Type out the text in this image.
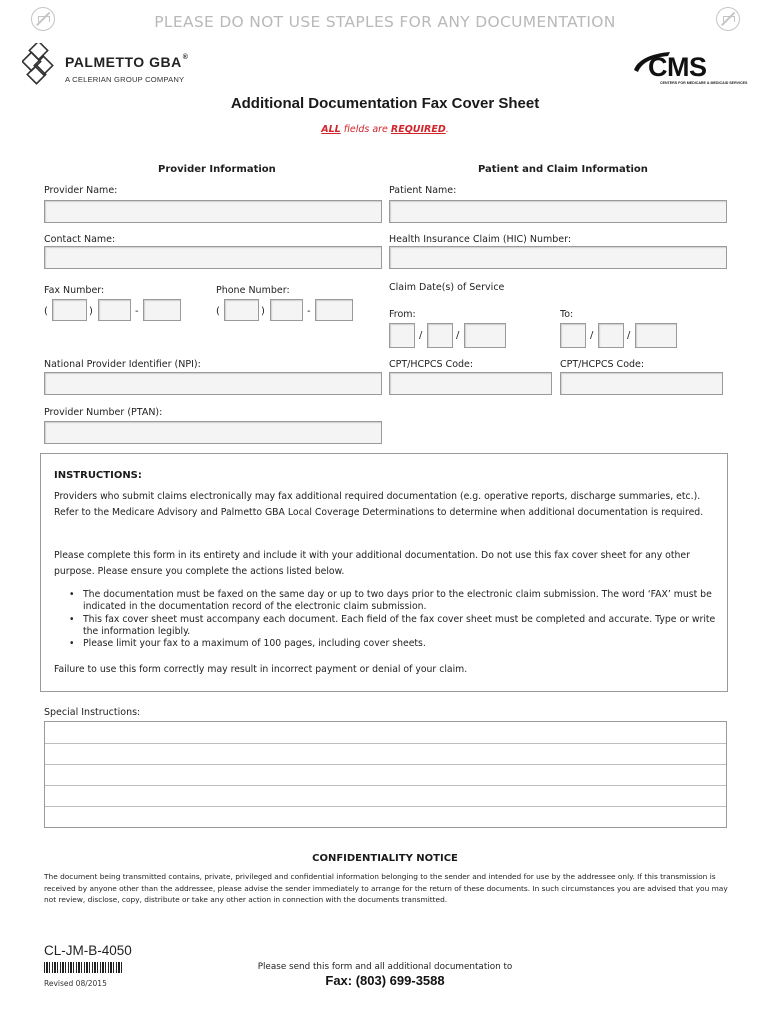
PLEASE DO NOT USE STAPLES FOR ANY DOCUMENTATION
PALMETTO GBA®
A CELERIAN GROUP COMPANY	CMS
CENTERS FOR MEDICARE & MEDICAID SERVICES
Additional Documentation Fax Cover Sheet
ALL fields are REQUIRED.
Provider Information	Patient and Claim Information
Provider Name:
Contact Name:
Fax Number:	Phone Number:
(	)	-	(	)	-
National Provider Identifier (NPI):
Provider Number (PTAN):
Patient Name:
Health Insurance Claim (HIC) Number:
Claim Date(s) of Service
From:	To:
/	/	/	/
CPT/HCPCS Code:	CPT/HCPCS Code:
INSTRUCTIONS:
Providers who submit claims electronically may fax additional required documentation (e.g. operative reports, discharge summaries, etc.). Refer to the Medicare Advisory and Palmetto GBA Local Coverage Determinations to determine when additional documentation is required.
Please complete this form in its entirety and include it with your additional documentation. Do not use this fax cover sheet for any other purpose. Please ensure you complete the actions listed below.
• The documentation must be faxed on the same day or up to two days prior to the electronic claim submission. The word ‘FAX’ must be indicated in the documentation record of the electronic claim submission.
• This fax cover sheet must accompany each document. Each field of the fax cover sheet must be completed and accurate. Type or write the information legibly.
• Please limit your fax to a maximum of 100 pages, including cover sheets.
Failure to use this form correctly may result in incorrect payment or denial of your claim.
Special Instructions:
CONFIDENTIALITY NOTICE
The document being transmitted contains, private, privileged and confidential information belonging to the sender and intended for use by the addressee only. If this transmission is received by anyone other than the addressee, please advise the sender immediately to arrange for the return of these documents. In such circumstances you are advised that you may not review, disclose, copy, distribute or take any other action in connection with the documents transmitted.
CL-JM-B-4050
Revised 08/2015
Please send this form and all additional documentation to
Fax: (803) 699-3588
